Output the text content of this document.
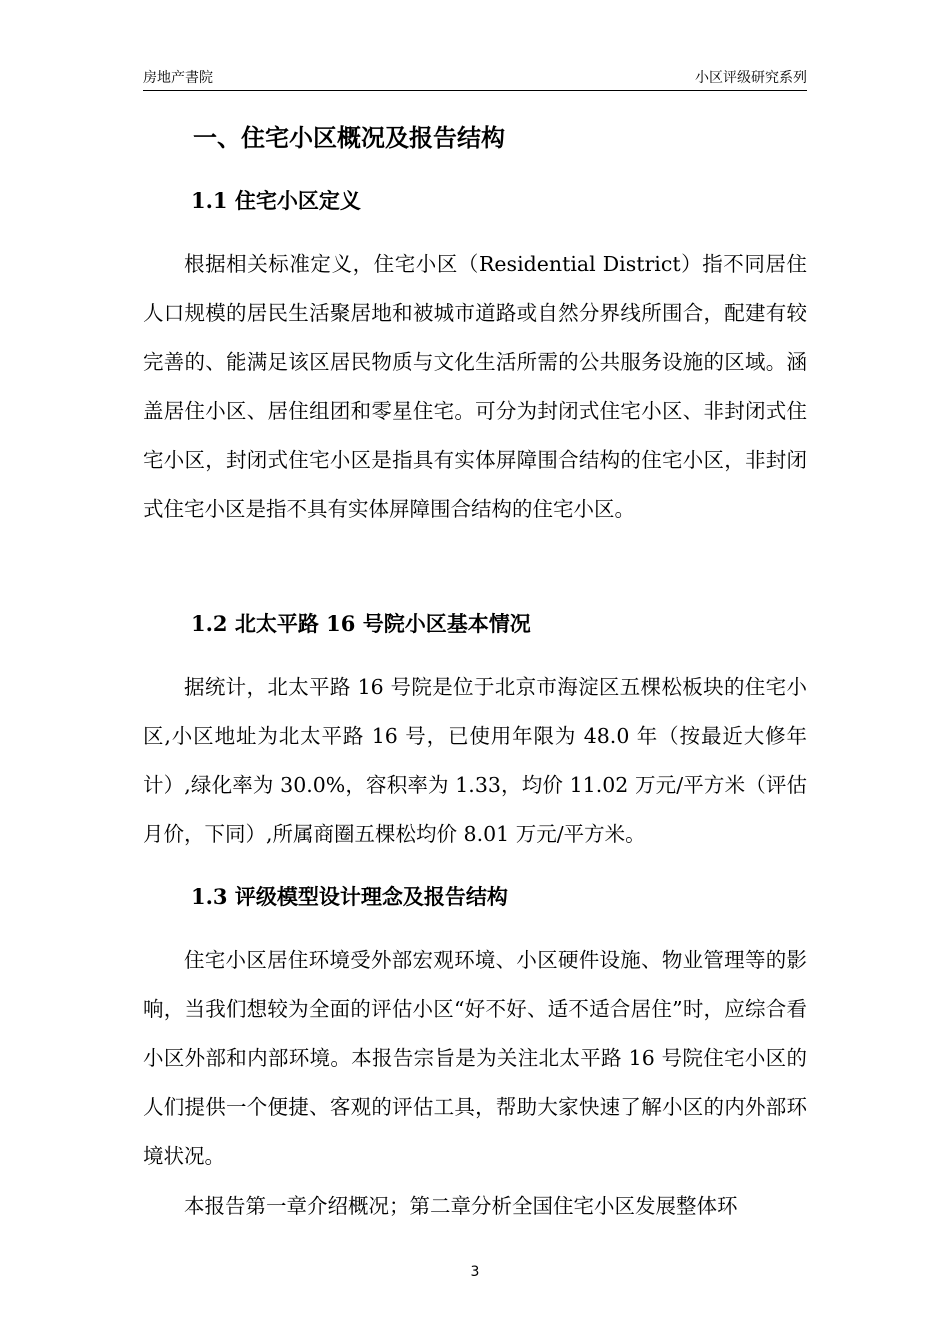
房地产書院	小区评级研究系列
一、住宅小区概况及报告结构
1.1 住宅小区定义

根据相关标准定义，住宅小区（Residential District）指不同居住人口规模的居民生活聚居地和被城市道路或自然分界线所围合，配建有较完善的、能满足该区居民物质与文化生活所需的公共服务设施的区域。涵盖居住小区、居住组团和零星住宅。可分为封闭式住宅小区、非封闭式住宅小区，封闭式住宅小区是指具有实体屏障围合结构的住宅小区，非封闭式住宅小区是指不具有实体屏障围合结构的住宅小区。

1.2 北太平路 16 号院小区基本情况

据统计，北太平路 16 号院是位于北京市海淀区五棵松板块的住宅小区,小区地址为北太平路 16 号，已使用年限为 48.0 年（按最近大修年计）,绿化率为 30.0%，容积率为 1.33，均价 11.02 万元/平方米（评估月价，下同）,所属商圈五棵松均价 8.01 万元/平方米。

1.3 评级模型设计理念及报告结构

住宅小区居住环境受外部宏观环境、小区硬件设施、物业管理等的影响，当我们想较为全面的评估小区“好不好、适不适合居住”时，应综合看小区外部和内部环境。本报告宗旨是为关注北太平路 16 号院住宅小区的人们提供一个便捷、客观的评估工具，帮助大家快速了解小区的内外部环境状况。

本报告第一章介绍概况；第二章分析全国住宅小区发展整体环

3
